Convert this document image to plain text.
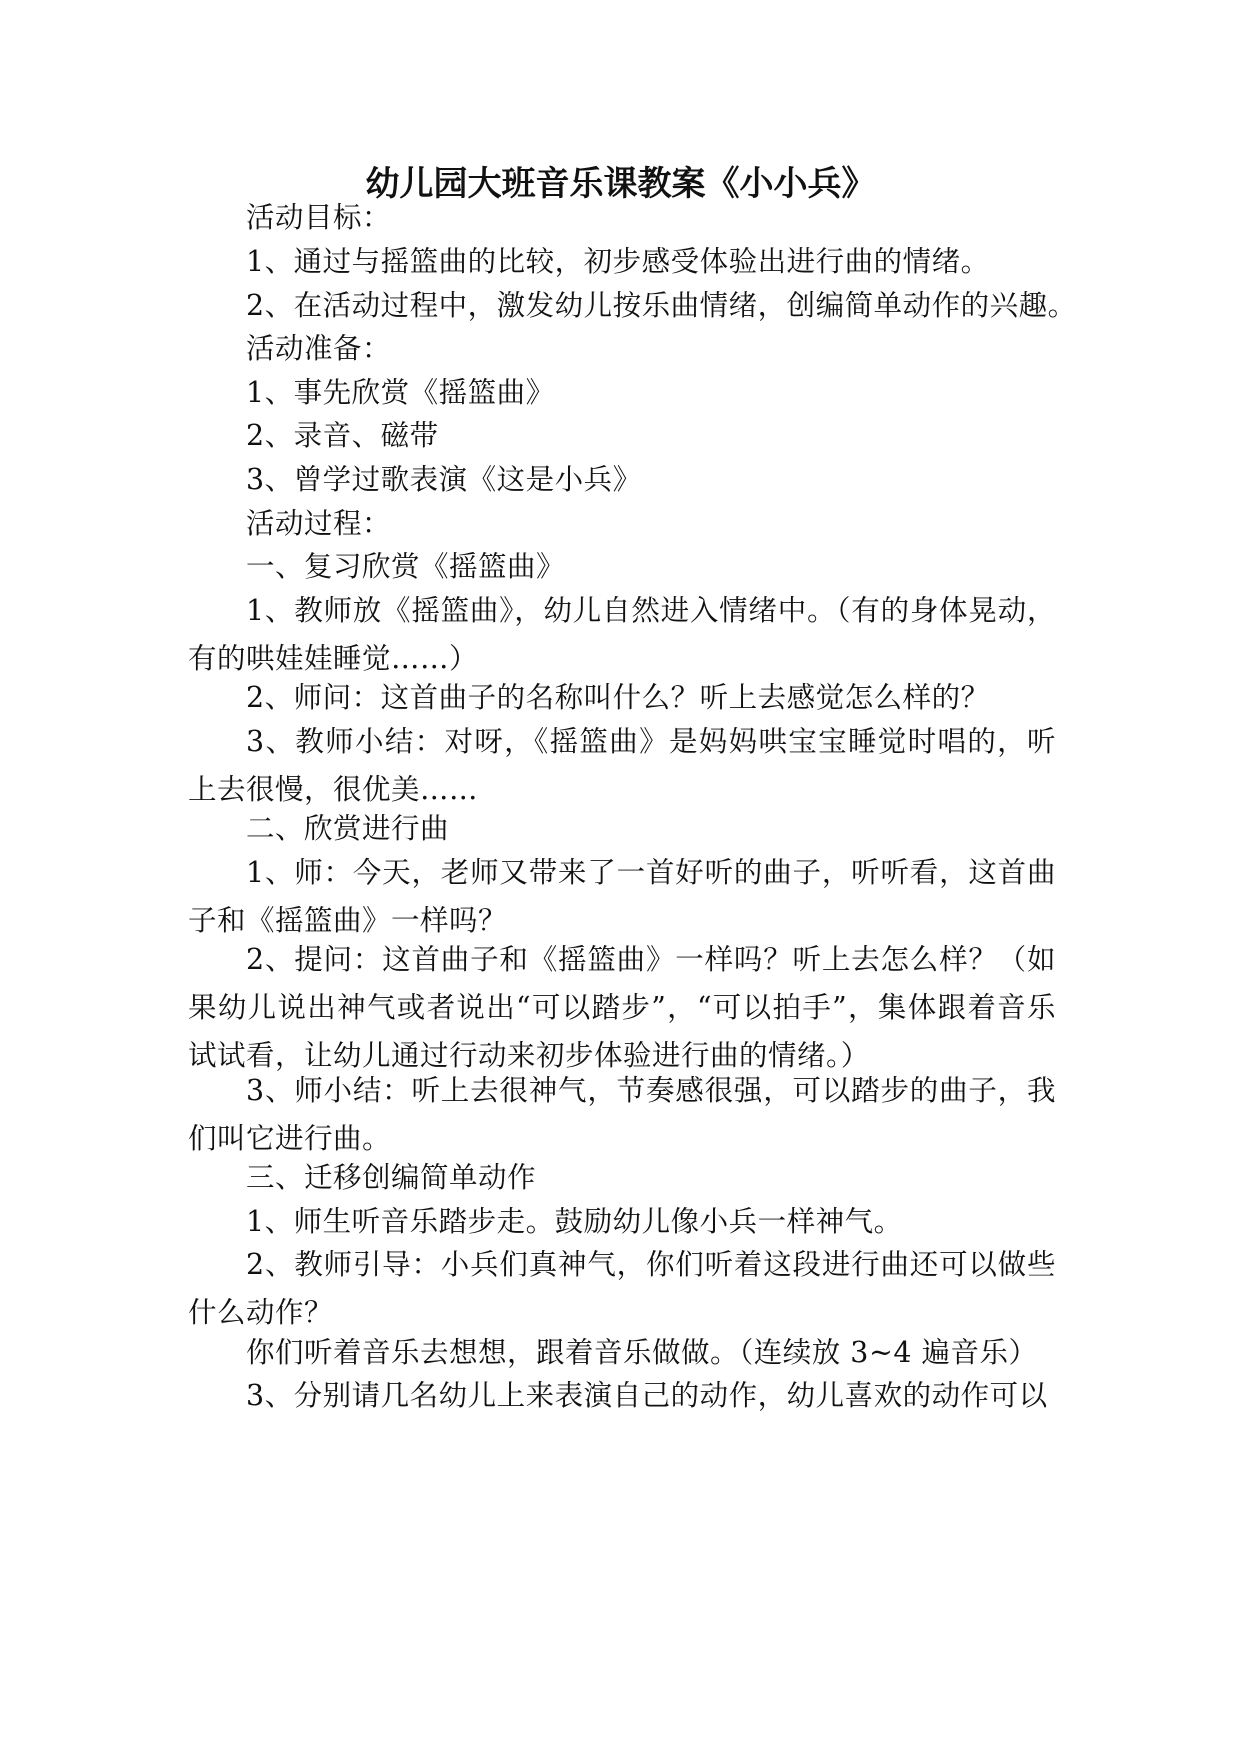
幼儿园大班音乐课教案《小小兵》

活动目标：

1、通过与摇篮曲的比较，初步感受体验出进行曲的情绪。

2、在活动过程中，激发幼儿按乐曲情绪，创编简单动作的兴趣。

活动准备：

1、事先欣赏《摇篮曲》

2、录音、磁带

3、曾学过歌表演《这是小兵》

活动过程：

一、复习欣赏《摇篮曲》

1、教师放《摇篮曲》，幼儿自然进入情绪中。（有的身体晃动，有的哄娃娃睡觉……）

2、师问：这首曲子的名称叫什么？听上去感觉怎么样的？

3、教师小结：对呀，《摇篮曲》是妈妈哄宝宝睡觉时唱的，听上去很慢，很优美……

二、欣赏进行曲

1、师：今天，老师又带来了一首好听的曲子，听听看，这首曲子和《摇篮曲》一样吗？

2、提问：这首曲子和《摇篮曲》一样吗？听上去怎么样？（如果幼儿说出神气或者说出“可以踏步”，“可以拍手”，集体跟着音乐试试看，让幼儿通过行动来初步体验进行曲的情绪。）

3、师小结：听上去很神气，节奏感很强，可以踏步的曲子，我们叫它进行曲。

三、迁移创编简单动作

1、师生听音乐踏步走。鼓励幼儿像小兵一样神气。

2、教师引导：小兵们真神气，你们听着这段进行曲还可以做些什么动作？

你们听着音乐去想想，跟着音乐做做。（连续放 3~4 遍音乐）

3、分别请几名幼儿上来表演自己的动作，幼儿喜欢的动作可以
